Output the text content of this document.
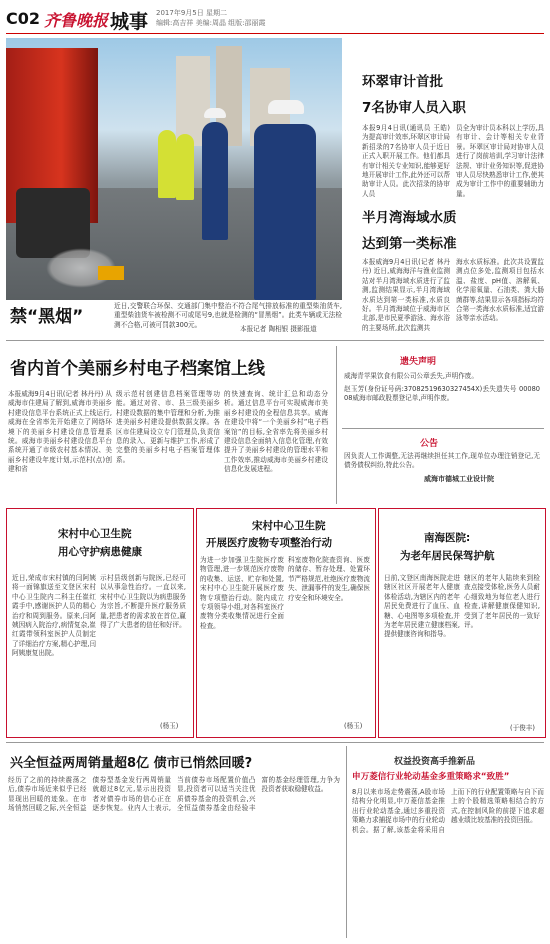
C02 齐鲁晚报 城事 2017年9月5日 星期二
编辑:高吉祥 美编:周晶 组版:邵丽霞
禁“黑烟”
近日,交警联合环保、交通部门集中整治不符合尾气排放标准的重型柴油货车,重型柴油货车被检测不可或尾号9,也就是检测的“冒黑烟”。此类车辆或无法检测不合格,可被可罚款300元。
本报记者 陶相银 摄影报道
环翠审计首批
7名协审人员入职
本报9月4日讯(通讯员 王皓) 为提高审计效率,环翠区审计局新招录的7名协审人员于近日正式入职开展工作。他们都具有审计相关专业知识,能够更好地开展审计工作,此外还可以帮助审计人员。此次招录的协审人员
员全为审计员本科以上学历,具有审计、会计等相关专业背景。环翠区审计局对协审人员进行了岗前培训,学习审计法律法规、审计业务知识等,促进协审人员尽快熟悉审计工作,使其成为审计工作中的重要辅助力量。
半月湾海域水质
达到第一类标准
本报威海9月4日讯(记者 林丹丹) 近日,威海海洋与渔业监测站对半月湾海域水质进行了监测,监测结果显示,半月湾海域水质达到第一类标准,水质良好。半月湾海域位于威海市区北部,是市民夏季游泳、海水浴的主要场所,此次监测共
海水水质标准。此次共设置监测点位多处,监测项目包括水温、盐度、pH值、溶解氧、化学需氧量、石油类、粪大肠菌群等,结果显示各项指标均符合第一类海水水质标准,适宜游泳等亲水活动。
省内首个美丽乡村电子档案馆上线
本报威海9月4日讯(记者 林丹丹) 从威海市住建局了解到,威海市美丽乡村建设信息平台系统正式上线运行,威海在全省率先开始建立了网络环境下的美丽乡村建设信息管理系统。威海市美丽乡村建设信息平台系统开通了市级农村基本情况、美丽乡村建设年度计划,示范村(点)创建和省
级示范村创建信息档案管理等功能。通过对省、市、县三级美丽乡村建设数据的集中管理和分析,为推进美丽乡村建设提供数据支撑。各区市住建局设立专门管理员,负责信息的录入、更新与维护工作,形成了完整的美丽乡村电子档案管理体系。
的快速查询、统计汇总和动态分析。通过信息平台可实现威海市美丽乡村建设的全程信息共享。威海在建设中将“一个美丽乡村”电子档案馆”的目标,全省率先将美丽乡村建设信息全面纳入信息化管理,有效提升了美丽乡村建设的管理水平和工作效率,推动威海市美丽乡村建设信息化发展进程。
遗失声明
威海青苹果饮食有限公司公章丢失,声明作废。
赵玉芳(身份证号码:37082519630327454X)丢失遗失号 0008008威海市邮政股票登记单,声明作废。
公告
因负责人工作调整,无法再继续担任其工作,现单位办理注销登记,无债务债权纠纷,特此公告。
威海市德城工业设计院
宋村中心卫生院
用心守护病患健康
近日,荣成市宋村镇的闫阿姨将一面锦旗送至文登区宋村中心卫生院内二科主任崔红霞手中,感谢医护人员的精心治疗和周到服务。原来,闫阿姨因病入院治疗,病情复杂,崔红霞带领科室医护人员制定了详细治疗方案,精心护理,闫阿姨康复出院。
示村县级创新与院医,已经可以从事急性治疗。一直以来,宋村中心卫生院以为病患服务为宗旨,不断提升医疗服务质量,把患者的需求放在首位,赢得了广大患者的信任和好评。
(杨玉)
宋村中心卫生院
开展医疗废物专项整治行动
为进一步加强卫生院医疗废物管理,进一步规范医疗废物的收集、运送、贮存和处置,宋村中心卫生院开展医疗废物专项整治行动。院内成立专项领导小组,对各科室医疗废物分类收集情况进行全面检查。
科室废物化院查资询、医废的储存、暂存处理、处置环节严格规范,杜绝医疗废物流失、泄漏事件的发生,确保医疗安全和环境安全。
(杨玉)
南海医院:
为老年居民保驾护航
日前,文登区南海医院走进辖区社区开展老年人健康体检活动,为辖区内的老年居民免费进行了血压、血糖、心电图等多项检查,并为老年居民建立健康档案,提供健康咨询和指导。
辖区的老年人陆续来到检查点接受体检,医务人员耐心细致地为每位老人进行检查,讲解健康保健知识,受到了老年居民的一致好评。
(于俊丰)
兴全恒益两周销量超8亿 债市已悄然回暖?
经历了之前的持续震荡之后,债券市场近来似乎已经显现出回暖的迹象。在市场悄然回暖之际,兴全恒益债券型基金发行两周销量就超过8亿元,显示出投资者对债券市场的信心正在逐步恢复。业内人士表示,当前债券市场配置价值凸显,投资者可以适当关注优质债券基金的投资机会,兴全恒益债券基金由经验丰富的基金经理管理,力争为投资者获取稳健收益。
权益投资高手推新品
申万菱信行业轮动基金多重策略求“致胜”
8月以来市场走势震荡,A股市场结构分化明显,申万菱信基金推出行业轮动基金,通过多重投资策略力求捕捉市场中的行业轮动机会。据了解,该基金将采用自上而下的行业配置策略与自下而上的个股精选策略相结合的方式,在控制风险的前提下追求超越业绩比较基准的投资回报。
